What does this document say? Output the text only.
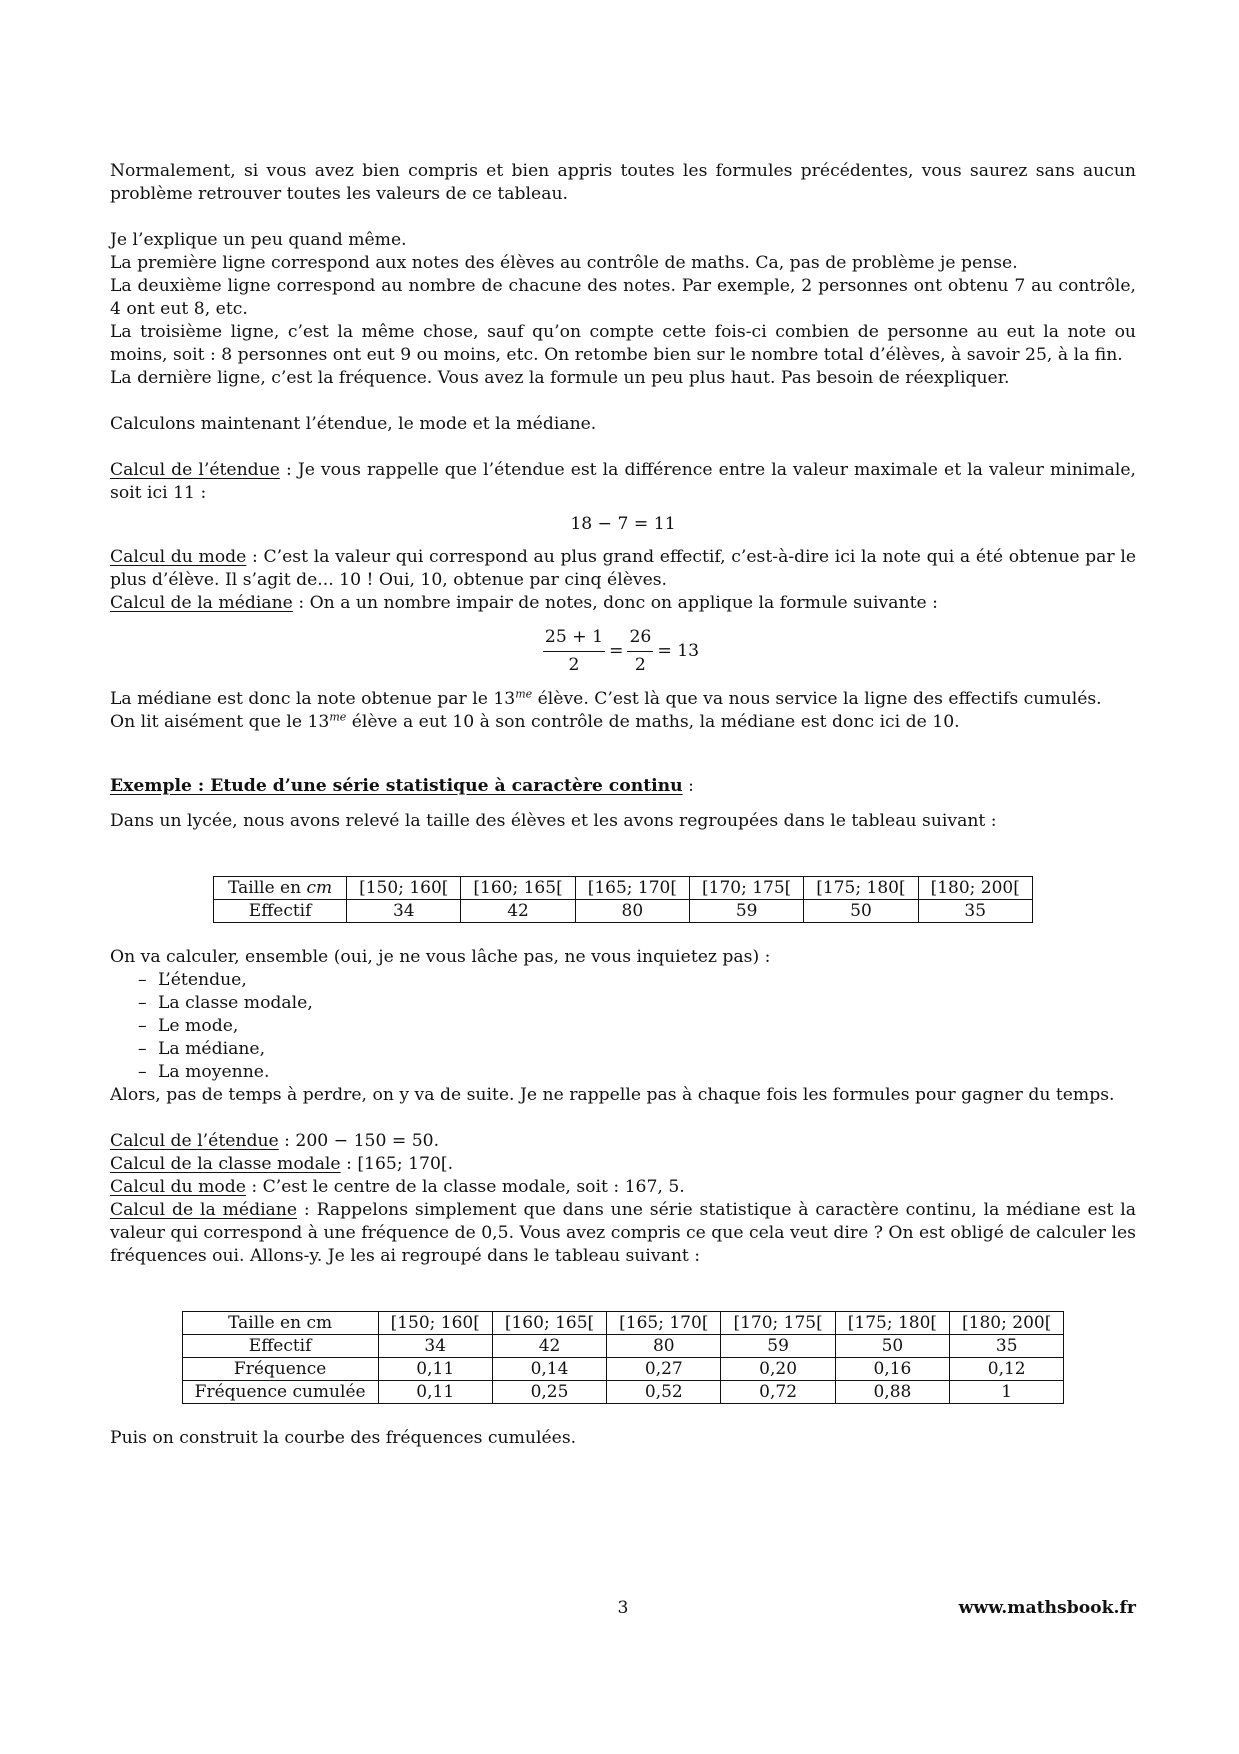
Normalement, si vous avez bien compris et bien appris toutes les formules précédentes, vous saurez sans aucun problème retrouver toutes les valeurs de ce tableau.

Je l’explique un peu quand même.

La première ligne correspond aux notes des élèves au contrôle de maths. Ca, pas de problème je pense.

La deuxième ligne correspond au nombre de chacune des notes. Par exemple, 2 personnes ont obtenu 7 au contrôle, 4 ont eut 8, etc.

La troisième ligne, c’est la même chose, sauf qu’on compte cette fois-ci combien de personne au eut la note ou moins, soit : 8 personnes ont eut 9 ou moins, etc. On retombe bien sur le nombre total d’élèves, à savoir 25, à la fin.

La dernière ligne, c’est la fréquence. Vous avez la formule un peu plus haut. Pas besoin de réexpliquer.

Calculons maintenant l’étendue, le mode et la médiane.

Calcul de l’étendue : Je vous rappelle que l’étendue est la différence entre la valeur maximale et la valeur minimale, soit ici 11 :

18 − 7 = 11

Calcul du mode : C’est la valeur qui correspond au plus grand effectif, c’est-à-dire ici la note qui a été obtenue par le plus d’élève. Il s’agit de... 10 ! Oui, 10, obtenue par cinq élèves.

Calcul de la médiane : On a un nombre impair de notes, donc on applique la formule suivante :

$\frac{25 + 1}{2} = \frac{26}{2} = 13$

La médiane est donc la note obtenue par le $13^{me}$ élève. C’est là que va nous service la ligne des effectifs cumulés.

On lit aisément que le $13^{me}$ élève a eut 10 à son contrôle de maths, la médiane est donc ici de 10.

Exemple : Etude d’une série statistique à caractère continu :

Dans un lycée, nous avons relevé la taille des élèves et les avons regroupées dans le tableau suivant :

Taille en cm	[150; 160[	[160; 165[	[165; 170[	[170; 175[	[175; 180[	[180; 200[
Effectif	34	42	80	59	50	35

On va calculer, ensemble (oui, je ne vous lâche pas, ne vous inquietez pas) :

– L’étendue,
– La classe modale,
– Le mode,
– La médiane,
– La moyenne.

Alors, pas de temps à perdre, on y va de suite. Je ne rappelle pas à chaque fois les formules pour gagner du temps.

Calcul de l’étendue : 200 − 150 = 50.

Calcul de la classe modale : [165; 170[.

Calcul du mode : C’est le centre de la classe modale, soit : 167, 5.

Calcul de la médiane : Rappelons simplement que dans une série statistique à caractère continu, la médiane est la valeur qui correspond à une fréquence de 0,5. Vous avez compris ce que cela veut dire ? On est obligé de calculer les fréquences oui. Allons-y. Je les ai regroupé dans le tableau suivant :

Taille en cm	[150; 160[	[160; 165[	[165; 170[	[170; 175[	[175; 180[	[180; 200[
Effectif	34	42	80	59	50	35
Fréquence	0,11	0,14	0,27	0,20	0,16	0,12
Fréquence cumulée	0,11	0,25	0,52	0,72	0,88	1

Puis on construit la courbe des fréquences cumulées.

3	www.mathsbook.fr
